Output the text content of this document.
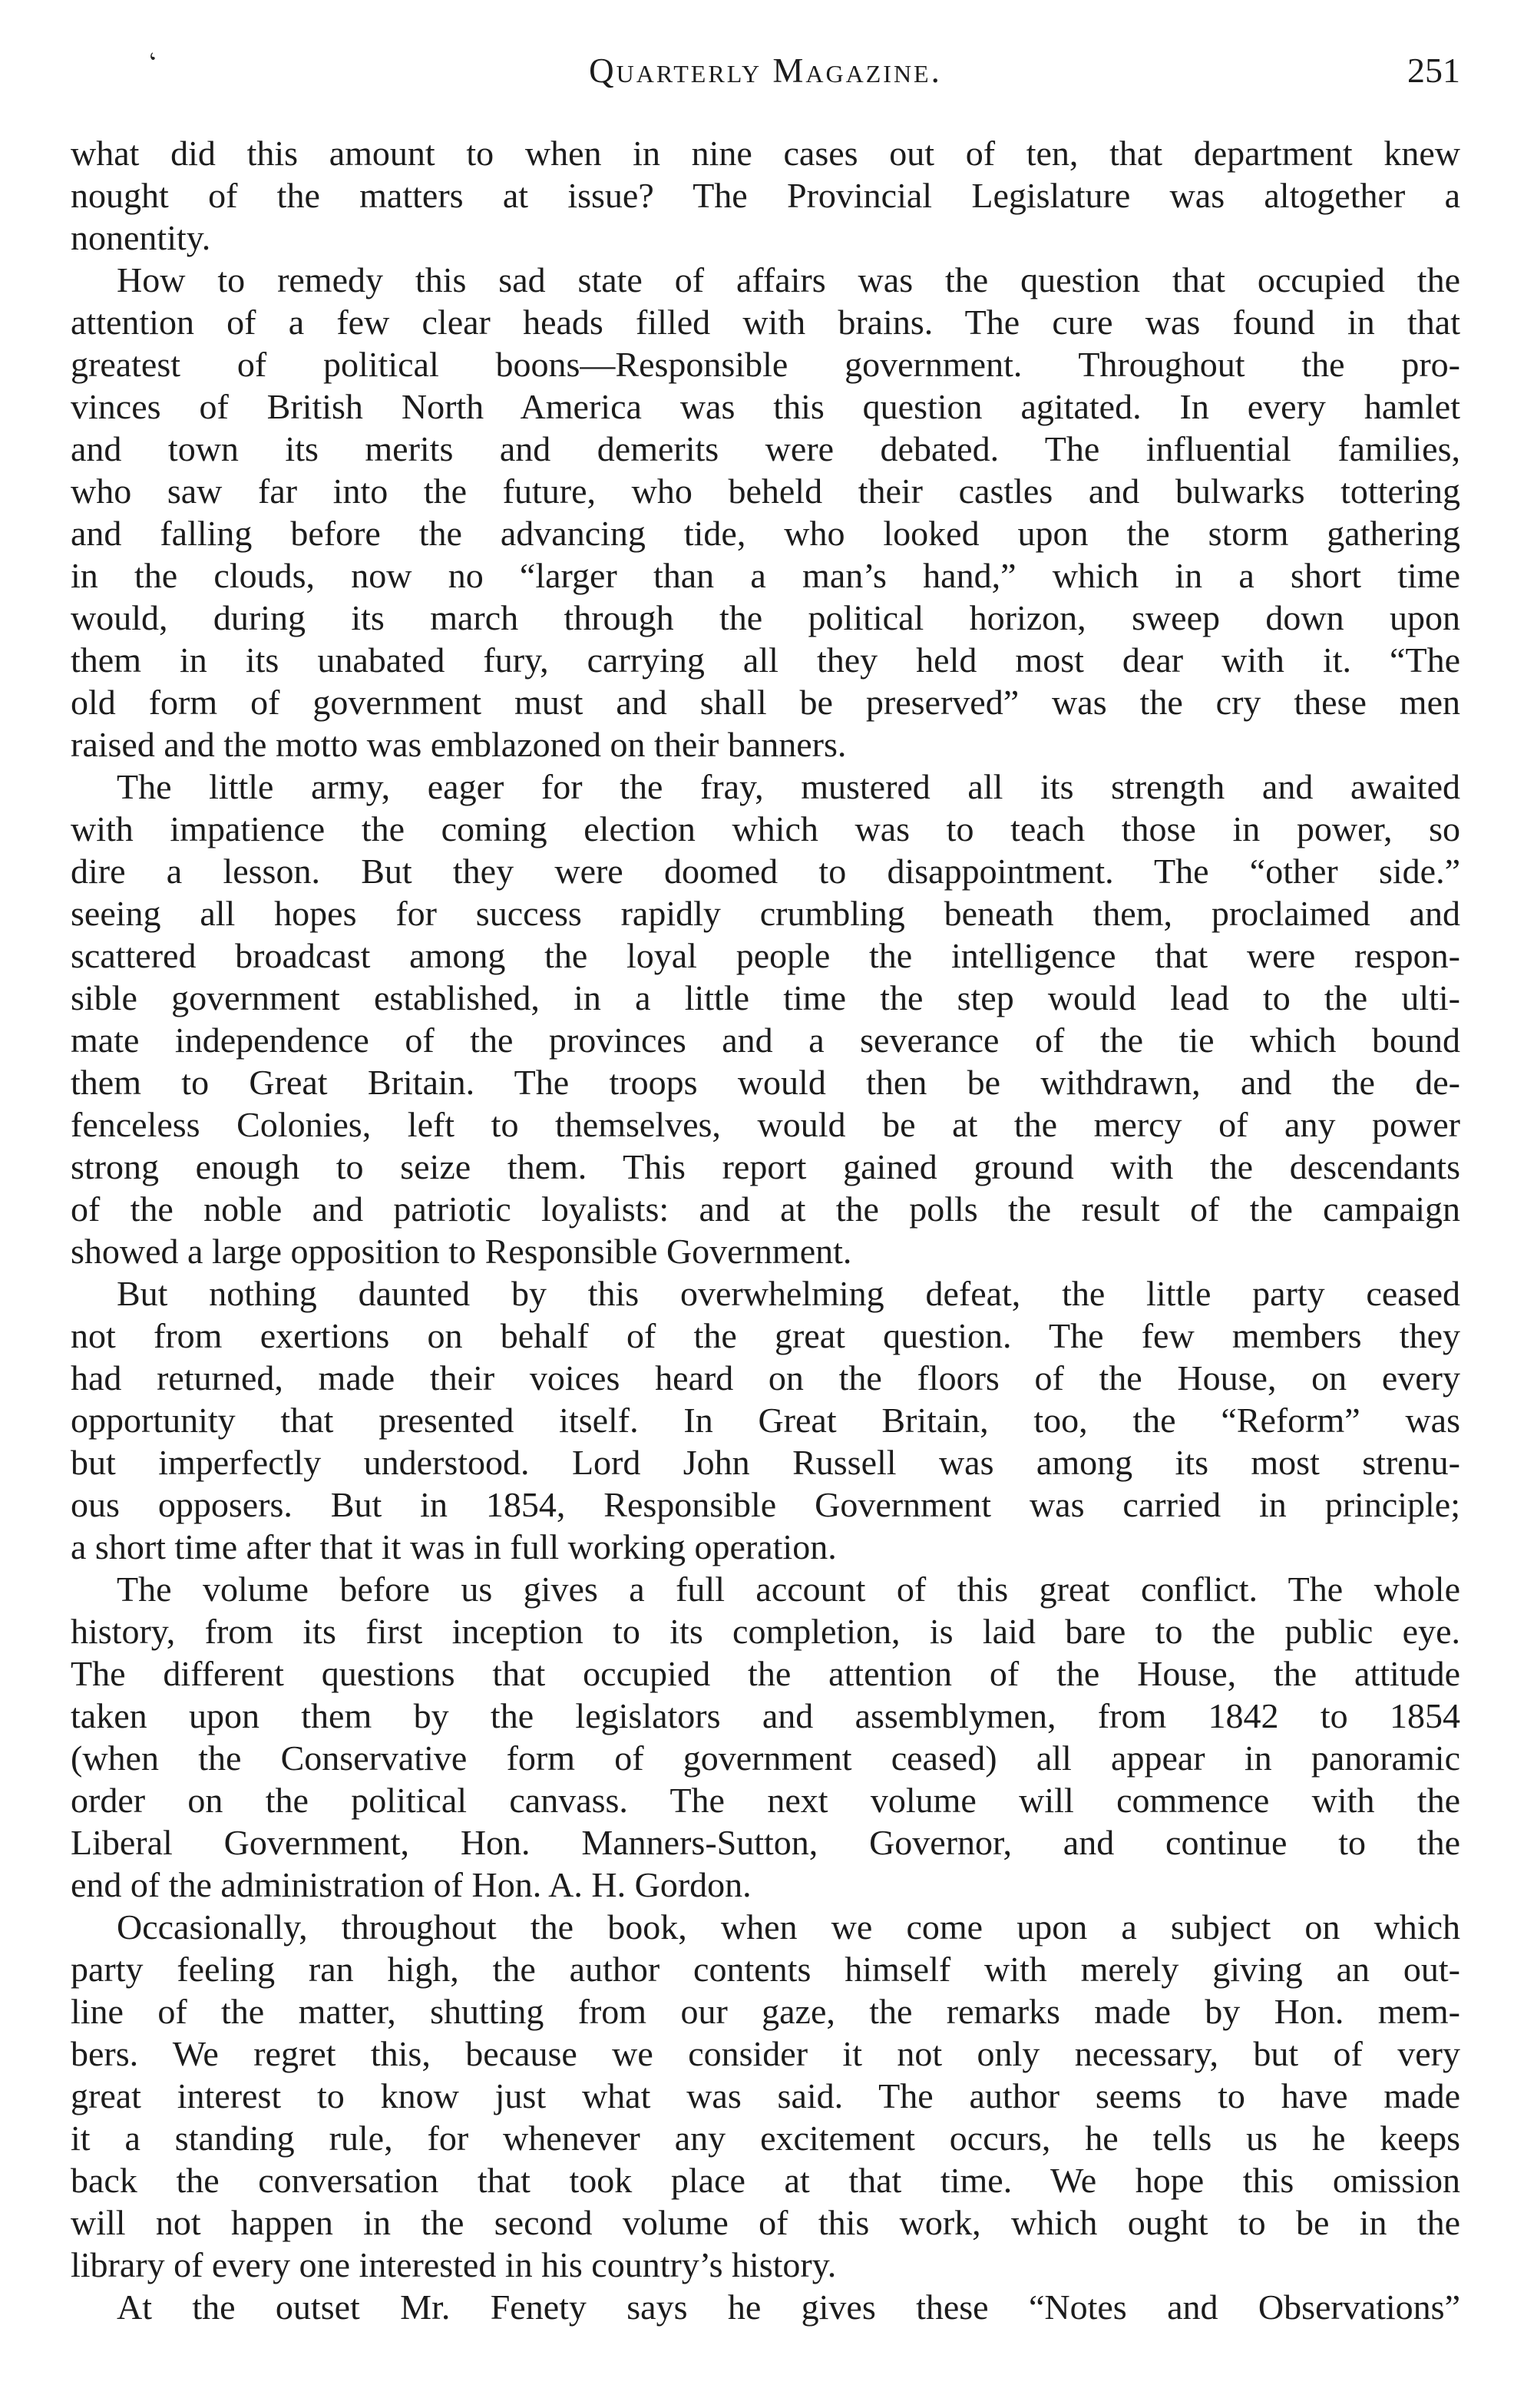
‘	Quarterly Magazine.	251
what did this amount to when in nine cases out of ten, that department knew
nought of the matters at issue? The Provincial Legislature was altogether a
nonentity.
How to remedy this sad state of affairs was the question that occupied the
attention of a few clear heads filled with brains. The cure was found in that
greatest of political boons—Responsible government. Throughout the pro-
vinces of British North America was this question agitated. In every hamlet
and town its merits and demerits were debated. The influential families,
who saw far into the future, who beheld their castles and bulwarks tottering
and falling before the advancing tide, who looked upon the storm gathering
in the clouds, now no “larger than a man’s hand,” which in a short time
would, during its march through the political horizon, sweep down upon
them in its unabated fury, carrying all they held most dear with it. “The
old form of government must and shall be preserved” was the cry these men
raised and the motto was emblazoned on their banners.
The little army, eager for the fray, mustered all its strength and awaited
with impatience the coming election which was to teach those in power, so
dire a lesson. But they were doomed to disappointment. The “other side.”
seeing all hopes for success rapidly crumbling beneath them, proclaimed and
scattered broadcast among the loyal people the intelligence that were respon-
sible government established, in a little time the step would lead to the ulti-
mate independence of the provinces and a severance of the tie which bound
them to Great Britain. The troops would then be withdrawn, and the de-
fenceless Colonies, left to themselves, would be at the mercy of any power
strong enough to seize them. This report gained ground with the descendants
of the noble and patriotic loyalists: and at the polls the result of the campaign
showed a large opposition to Responsible Government.
But nothing daunted by this overwhelming defeat, the little party ceased
not from exertions on behalf of the great question. The few members they
had returned, made their voices heard on the floors of the House, on every
opportunity that presented itself. In Great Britain, too, the “Reform” was
but imperfectly understood. Lord John Russell was among its most strenu-
ous opposers. But in 1854, Responsible Government was carried in principle;
a short time after that it was in full working operation.
The volume before us gives a full account of this great conflict. The whole
history, from its first inception to its completion, is laid bare to the public eye.
The different questions that occupied the attention of the House, the attitude
taken upon them by the legislators and assemblymen, from 1842 to 1854
(when the Conservative form of government ceased) all appear in panoramic
order on the political canvass. The next volume will commence with the
Liberal Government, Hon. Manners-Sutton, Governor, and continue to the
end of the administration of Hon. A. H. Gordon.
Occasionally, throughout the book, when we come upon a subject on which
party feeling ran high, the author contents himself with merely giving an out-
line of the matter, shutting from our gaze, the remarks made by Hon. mem-
bers. We regret this, because we consider it not only necessary, but of very
great interest to know just what was said. The author seems to have made
it a standing rule, for whenever any excitement occurs, he tells us he keeps
back the conversation that took place at that time. We hope this omission
will not happen in the second volume of this work, which ought to be in the
library of every one interested in his country’s history.
At the outset Mr. Fenety says he gives these “Notes and Observations”
